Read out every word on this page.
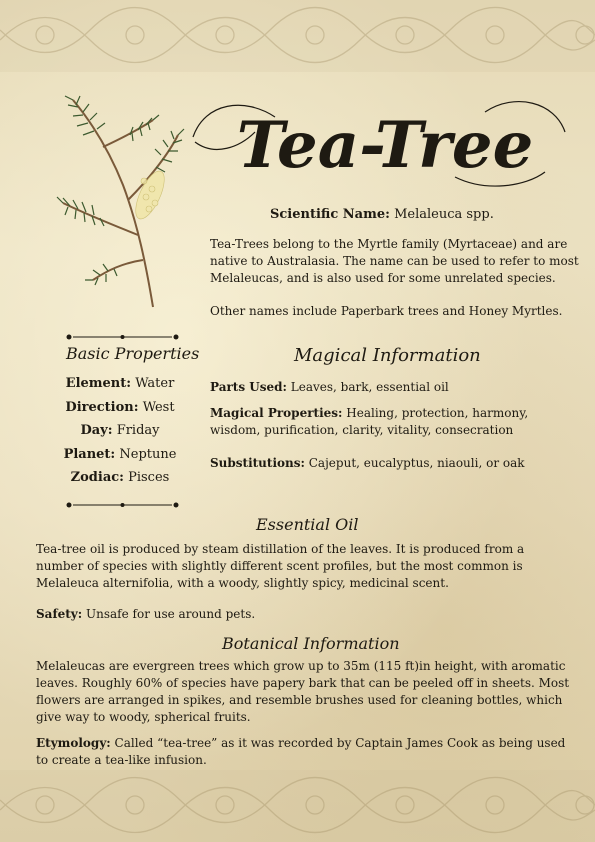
Tea-Tree
Scientific Name: Melaleuca spp.

Tea-Trees belong to the Myrtle family (Myrtaceae) and are native to Australasia. The name can be used to refer to most Melaleucas, and is also used for some unrelated species.

Other names include Paperbark trees and Honey Myrtles.

Basic Properties
Element: Water
Direction: West
Day: Friday
Planet: Neptune
Zodiac: Pisces
Magical Information

Parts Used: Leaves, bark, essential oil

Magical Properties: Healing, protection, harmony, wisdom, purification, clarity, vitality, consecration

Substitutions: Cajeput, eucalyptus, niaouli, or oak

Essential Oil

Tea-tree oil is produced by steam distillation of the leaves. It is produced from a number of species with slightly different scent profiles, but the most common is Melaleuca alternifolia, with a woody, slightly spicy, medicinal scent.

Safety: Unsafe for use around pets.

Botanical Information

Melaleucas are evergreen trees which grow up to 35m (115 ft)in height, with aromatic leaves. Roughly 60% of species have papery bark that can be peeled off in sheets. Most flowers are arranged in spikes, and resemble brushes used for cleaning bottles, which give way to woody, spherical fruits.

Etymology: Called “tea-tree” as it was recorded by Captain James Cook as being used to create a tea-like infusion.
